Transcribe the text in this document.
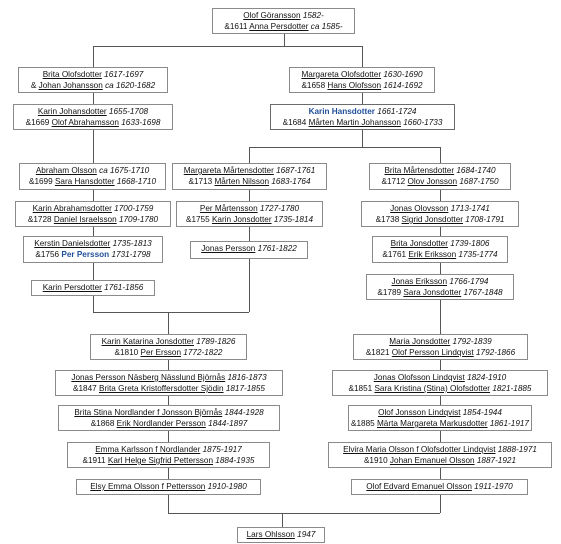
Olof Göransson 1582-
&1611 Anna Persdotter ca 1585-
Brita Olofsdotter 1617-1697
& Johan Johansson ca 1620-1682
Margareta Olofsdotter 1630-1690
&1658 Hans Olofsson 1614-1692
Karin Johansdotter 1655-1708
&1669 Olof Abrahamsson 1633-1698
Karin Hansdotter 1661-1724
&1684 Mårten Martin Johansson 1660-1733
Abraham Olsson ca 1675-1710
&1699 Sara Hansdotter 1668-1710
Margareta Mårtensdotter 1687-1761
&1713 Mårten Nilsson 1683-1764
Brita Mårtensdotter 1684-1740
&1712 Olov Jonsson 1687-1750
Karin Abrahamsdotter 1700-1759
&1728 Daniel Israelsson 1709-1780
Per Mårtensson 1727-1780
&1755 Karin Jonsdotter 1735-1814
Jonas Olovsson 1713-1741
&1738 Sigrid Jonsdotter 1708-1791
Kerstin Danielsdotter 1735-1813
&1756 Per Persson 1731-1798
Jonas Persson 1761-1822
Brita Jonsdotter 1739-1806
&1761 Erik Eriksson 1735-1774
Karin Persdotter 1761-1856
Jonas Eriksson 1766-1794
&1789 Sara Jonsdotter 1767-1848
Karin Katarina Jonsdotter 1789-1826
&1810 Per Ersson 1772-1822
Maria Jonsdotter 1792-1839
&1821 Olof Persson Lindqvist 1792-1866
Jonas Persson Näsberg Nässlund Björnås 1816-1873
&1847 Brita Greta Kristoffersdotter Sjödin 1817-1855
Jonas Olofsson Lindqvist 1824-1910
&1851 Sara Kristina (Stina) Olofsdotter 1821-1885
Brita Stina Nordlander f Jonsson Björnås 1844-1928
&1868 Erik Nordlander Persson 1844-1897
Olof Jonsson Lindqvist 1854-1944
&1885 Märta Margareta Markusdotter 1861-1917
Emma Karlsson f Nordlander 1875-1917
&1911 Karl Helge Sigfrid Pettersson 1884-1935
Elvira Maria Olsson f Olofsdotter Lindqvist 1888-1971
&1910 Johan Emanuel Olsson 1887-1921
Elsy Emma Olsson f Pettersson 1910-1980	Olof Edvard Emanuel Olsson 1911-1970
Lars Ohlsson 1947
